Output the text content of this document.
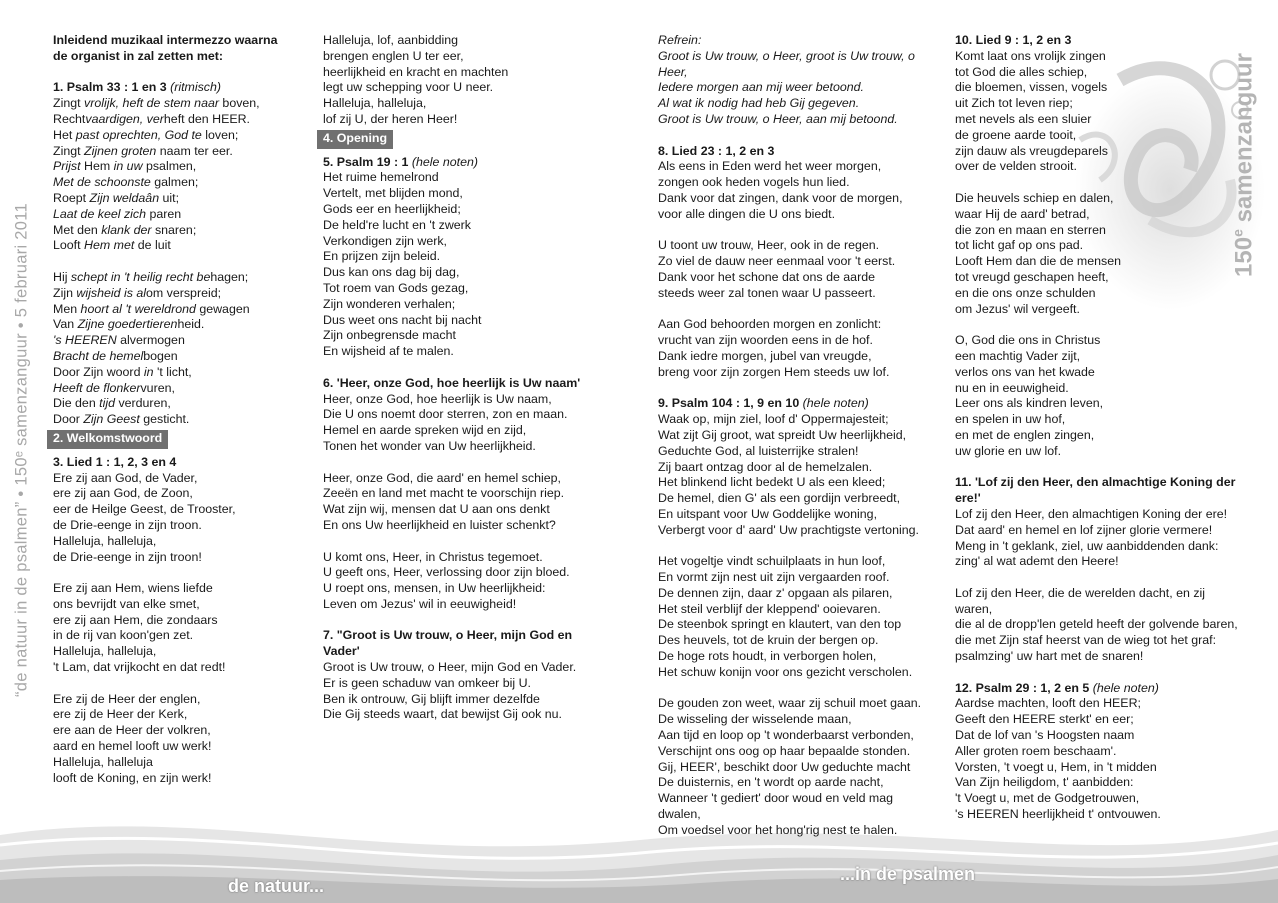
de natuur...
...in de psalmen
“de natuur in de psalmen” • 150ᵉ samenzanguur • 5 februari 2011	150e samenzanguur
Inleidend muzikaal intermezzo waarna
de organist in zal zetten met:
1. Psalm 33 : 1 en 3 (ritmisch)
Zingt vrolijk, heft de stem naar boven,
Rechtvaardigen, verheft den HEER.
Het past oprechten, God te loven;
Zingt Zijnen groten naam ter eer.
Prijst Hem in uw psalmen,
Met de schoonste galmen;
Roept Zijn weldaân uit;
Laat de keel zich paren
Met den klank der snaren;
Looft Hem met de luit
Hij schept in 't heilig recht behagen;
Zijn wijsheid is alom verspreid;
Men hoort al 't wereldrond gewagen
Van Zijne goedertierenheid.
's HEEREN alvermogen
Bracht de hemelbogen
Door Zijn woord in 't licht,
Heeft de flonkervuren,
Die den tijd verduren,
Door Zijn Geest gesticht.
2. Welkomstwoord
3. Lied 1 : 1, 2, 3 en 4
Ere zij aan God, de Vader,
ere zij aan God, de Zoon,
eer de Heilge Geest, de Trooster,
de Drie-eenge in zijn troon.
Halleluja, halleluja,
de Drie-eenge in zijn troon!
Ere zij aan Hem, wiens liefde
ons bevrijdt van elke smet,
ere zij aan Hem, die zondaars
in de rij van koon'gen zet.
Halleluja, halleluja,
't Lam, dat vrijkocht en dat redt!
Ere zij de Heer der englen,
ere zij de Heer der Kerk,
ere aan de Heer der volkren,
aard en hemel looft uw werk!
Halleluja, halleluja
looft de Koning, en zijn werk!
Halleluja, lof, aanbidding
brengen englen U ter eer,
heerlijkheid en kracht en machten
legt uw schepping voor U neer.
Halleluja, halleluja,
lof zij U, der heren Heer!
4. Opening
5. Psalm 19 : 1 (hele noten)
Het ruime hemelrond
Vertelt, met blijden mond,
Gods eer en heerlijkheid;
De held're lucht en 't zwerk
Verkondigen zijn werk,
En prijzen zijn beleid.
Dus kan ons dag bij dag,
Tot roem van Gods gezag,
Zijn wonderen verhalen;
Dus weet ons nacht bij nacht
Zijn onbegrensde macht
En wijsheid af te malen.
6. 'Heer, onze God, hoe heerlijk is Uw naam'
Heer, onze God, hoe heerlijk is Uw naam,
Die U ons noemt door sterren, zon en maan.
Hemel en aarde spreken wijd en zijd,
Tonen het wonder van Uw heerlijkheid.
Heer, onze God, die aard' en hemel schiep,
Zeeën en land met macht te voorschijn riep.
Wat zijn wij, mensen dat U aan ons denkt
En ons Uw heerlijkheid en luister schenkt?
U komt ons, Heer, in Christus tegemoet.
U geeft ons, Heer, verlossing door zijn bloed.
U roept ons, mensen, in Uw heerlijkheid:
Leven om Jezus' wil in eeuwigheid!
7. "Groot is Uw trouw, o Heer, mijn God en
Vader'
Groot is Uw trouw, o Heer, mijn God en Vader.
Er is geen schaduw van omkeer bij U.
Ben ik ontrouw, Gij blijft immer dezelfde
Die Gij steeds waart, dat bewijst Gij ook nu.
Refrein:
Groot is Uw trouw, o Heer, groot is Uw trouw, o
Heer,
Iedere morgen aan mij weer betoond.
Al wat ik nodig had heb Gij gegeven.
Groot is Uw trouw, o Heer, aan mij betoond.
8. Lied 23 : 1, 2 en 3
Als eens in Eden werd het weer morgen,
zongen ook heden vogels hun lied.
Dank voor dat zingen, dank voor de morgen,
voor alle dingen die U ons biedt.
U toont uw trouw, Heer, ook in de regen.
Zo viel de dauw neer eenmaal voor 't eerst.
Dank voor het schone dat ons de aarde
steeds weer zal tonen waar U passeert.
Aan God behoorden morgen en zonlicht:
vrucht van zijn woorden eens in de hof.
Dank iedre morgen, jubel van vreugde,
breng voor zijn zorgen Hem steeds uw lof.
9. Psalm 104 : 1, 9 en 10 (hele noten)
Waak op, mijn ziel, loof d' Oppermajesteit;
Wat zijt Gij groot, wat spreidt Uw heerlijkheid,
Geduchte God, al luisterrijke stralen!
Zij baart ontzag door al de hemelzalen.
Het blinkend licht bedekt U als een kleed;
De hemel, dien G' als een gordijn verbreedt,
En uitspant voor Uw Goddelijke woning,
Verbergt voor d' aard' Uw prachtigste vertoning.
Het vogeltje vindt schuilplaats in hun loof,
En vormt zijn nest uit zijn vergaarden roof.
De dennen zijn, daar z' opgaan als pilaren,
Het steil verblijf der kleppend' ooievaren.
De steenbok springt en klautert, van den top
Des heuvels, tot de kruin der bergen op.
De hoge rots houdt, in verborgen holen,
Het schuw konijn voor ons gezicht verscholen.
De gouden zon weet, waar zij schuil moet gaan.
De wisseling der wisselende maan,
Aan tijd en loop op 't wonderbaarst verbonden,
Verschijnt ons oog op haar bepaalde stonden.
Gij, HEER', beschikt door Uw geduchte macht
De duisternis, en 't wordt op aarde nacht,
Wanneer 't gediert' door woud en veld mag
dwalen,
Om voedsel voor het hong'rig nest te halen.
10. Lied 9 : 1, 2 en 3
Komt laat ons vrolijk zingen
tot God die alles schiep,
die bloemen, vissen, vogels
uit Zich tot leven riep;
met nevels als een sluier
de groene aarde tooit,
zijn dauw als vreugdeparels
over de velden strooit.
Die heuvels schiep en dalen,
waar Hij de aard' betrad,
die zon en maan en sterren
tot licht gaf op ons pad.
Looft Hem dan die de mensen
tot vreugd geschapen heeft,
en die ons onze schulden
om Jezus' wil vergeeft.
O, God die ons in Christus
een machtig Vader zijt,
verlos ons van het kwade
nu en in eeuwigheid.
Leer ons als kindren leven,
en spelen in uw hof,
en met de englen zingen,
uw glorie en uw lof.
11. 'Lof zij den Heer, den almachtige Koning der
ere!'
Lof zij den Heer, den almachtigen Koning der ere!
Dat aard' en hemel en lof zijner glorie vermere!
Meng in 't geklank, ziel, uw aanbiddenden dank:
zing' al wat ademt den Heere!
Lof zij den Heer, die de werelden dacht, en zij
waren,
die al de dropp'len geteld heeft der golvende baren,
die met Zijn staf heerst van de wieg tot het graf:
psalmzing' uw hart met de snaren!
12. Psalm 29 : 1, 2 en 5 (hele noten)
Aardse machten, looft den HEER;
Geeft den HEERE sterkt' en eer;
Dat de lof van 's Hoogsten naam
Aller groten roem beschaam'.
Vorsten, 't voegt u, Hem, in 't midden
Van Zijn heiligdom, t' aanbidden:
't Voegt u, met de Godgetrouwen,
's HEEREN heerlijkheid t' ontvouwen.
